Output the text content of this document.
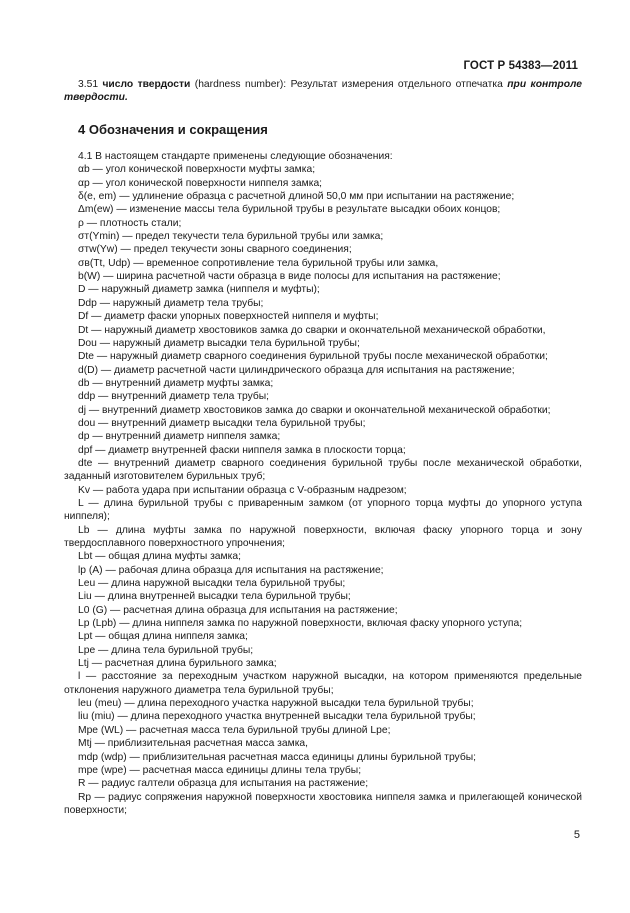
ГОСТ Р 54383—2011

3.51 число твердости (hardness number): Результат измерения отдельного отпечатка при контроле твердости.

4 Обозначения и сокращения

4.1 В настоящем стандарте применены следующие обозначения:

αb — угол конической поверхности муфты замка;

αp — угол конической поверхности ниппеля замка;

δ(e, em) — удлинение образца с расчетной длиной 50,0 мм при испытании на растяжение;

Δm(ew) — изменение массы тела бурильной трубы в результате высадки обоих концов;

ρ — плотность стали;

σт(Ymin) — предел текучести тела бурильной трубы или замка;

σтw(Yw) — предел текучести зоны сварного соединения;

σв(Tt, Udp) — временное сопротивление тела бурильной трубы или замка,

b(W) — ширина расчетной части образца в виде полосы для испытания на растяжение;

D — наружный диаметр замка (ниппеля и муфты);

Ddp — наружный диаметр тела трубы;

Df — диаметр фаски упорных поверхностей ниппеля и муфты;

Dt — наружный диаметр хвостовиков замка до сварки и окончательной механической обработки,

Dou — наружный диаметр высадки тела бурильной трубы;

Dte — наружный диаметр сварного соединения бурильной трубы после механической обработки;

d(D) — диаметр расчетной части цилиндрического образца для испытания на растяжение;

db — внутренний диаметр муфты замка;

ddp — внутренний диаметр тела трубы;

dj — внутренний диаметр хвостовиков замка до сварки и окончательной механической обработки;

dou — внутренний диаметр высадки тела бурильной трубы;

dp — внутренний диаметр ниппеля замка;

dpf — диаметр внутренней фаски ниппеля замка в плоскости торца;

dte — внутренний диаметр сварного соединения бурильной трубы после механической обработки, заданный изготовителем бурильных труб;

Kv — работа удара при испытании образца с V-образным надрезом;

L — длина бурильной трубы с приваренным замком (от упорного торца муфты до упорного уступа ниппеля);

Lb — длина муфты замка по наружной поверхности, включая фаску упорного торца и зону твердосплавного поверхностного упрочнения;

Lbt — общая длина муфты замка;

lp (A) — рабочая длина образца для испытания на растяжение;

Leu — длина наружной высадки тела бурильной трубы;

Liu — длина внутренней высадки тела бурильной трубы;

L0 (G) — расчетная длина образца для испытания на растяжение;

Lp (Lpb) — длина ниппеля замка по наружной поверхности, включая фаску упорного уступа;

Lpt — общая длина ниппеля замка;

Lpe — длина тела бурильной трубы;

Ltj — расчетная длина бурильного замка;

l — расстояние за переходным участком наружной высадки, на котором применяются предельные отклонения наружного диаметра тела бурильной трубы;

leu (meu) — длина переходного участка наружной высадки тела бурильной трубы;

liu (miu) — длина переходного участка внутренней высадки тела бурильной трубы;

Mpe (WL) — расчетная масса тела бурильной трубы длиной Lpe;

Mtj — приблизительная расчетная масса замка,

mdp (wdp) — приблизительная расчетная масса единицы длины бурильной трубы;

mpe (wpe) — расчетная масса единицы длины тела трубы;

R — радиус галтели образца для испытания на растяжение;

Rp — радиус сопряжения наружной поверхности хвостовика ниппеля замка и прилегающей конической поверхности;

5
